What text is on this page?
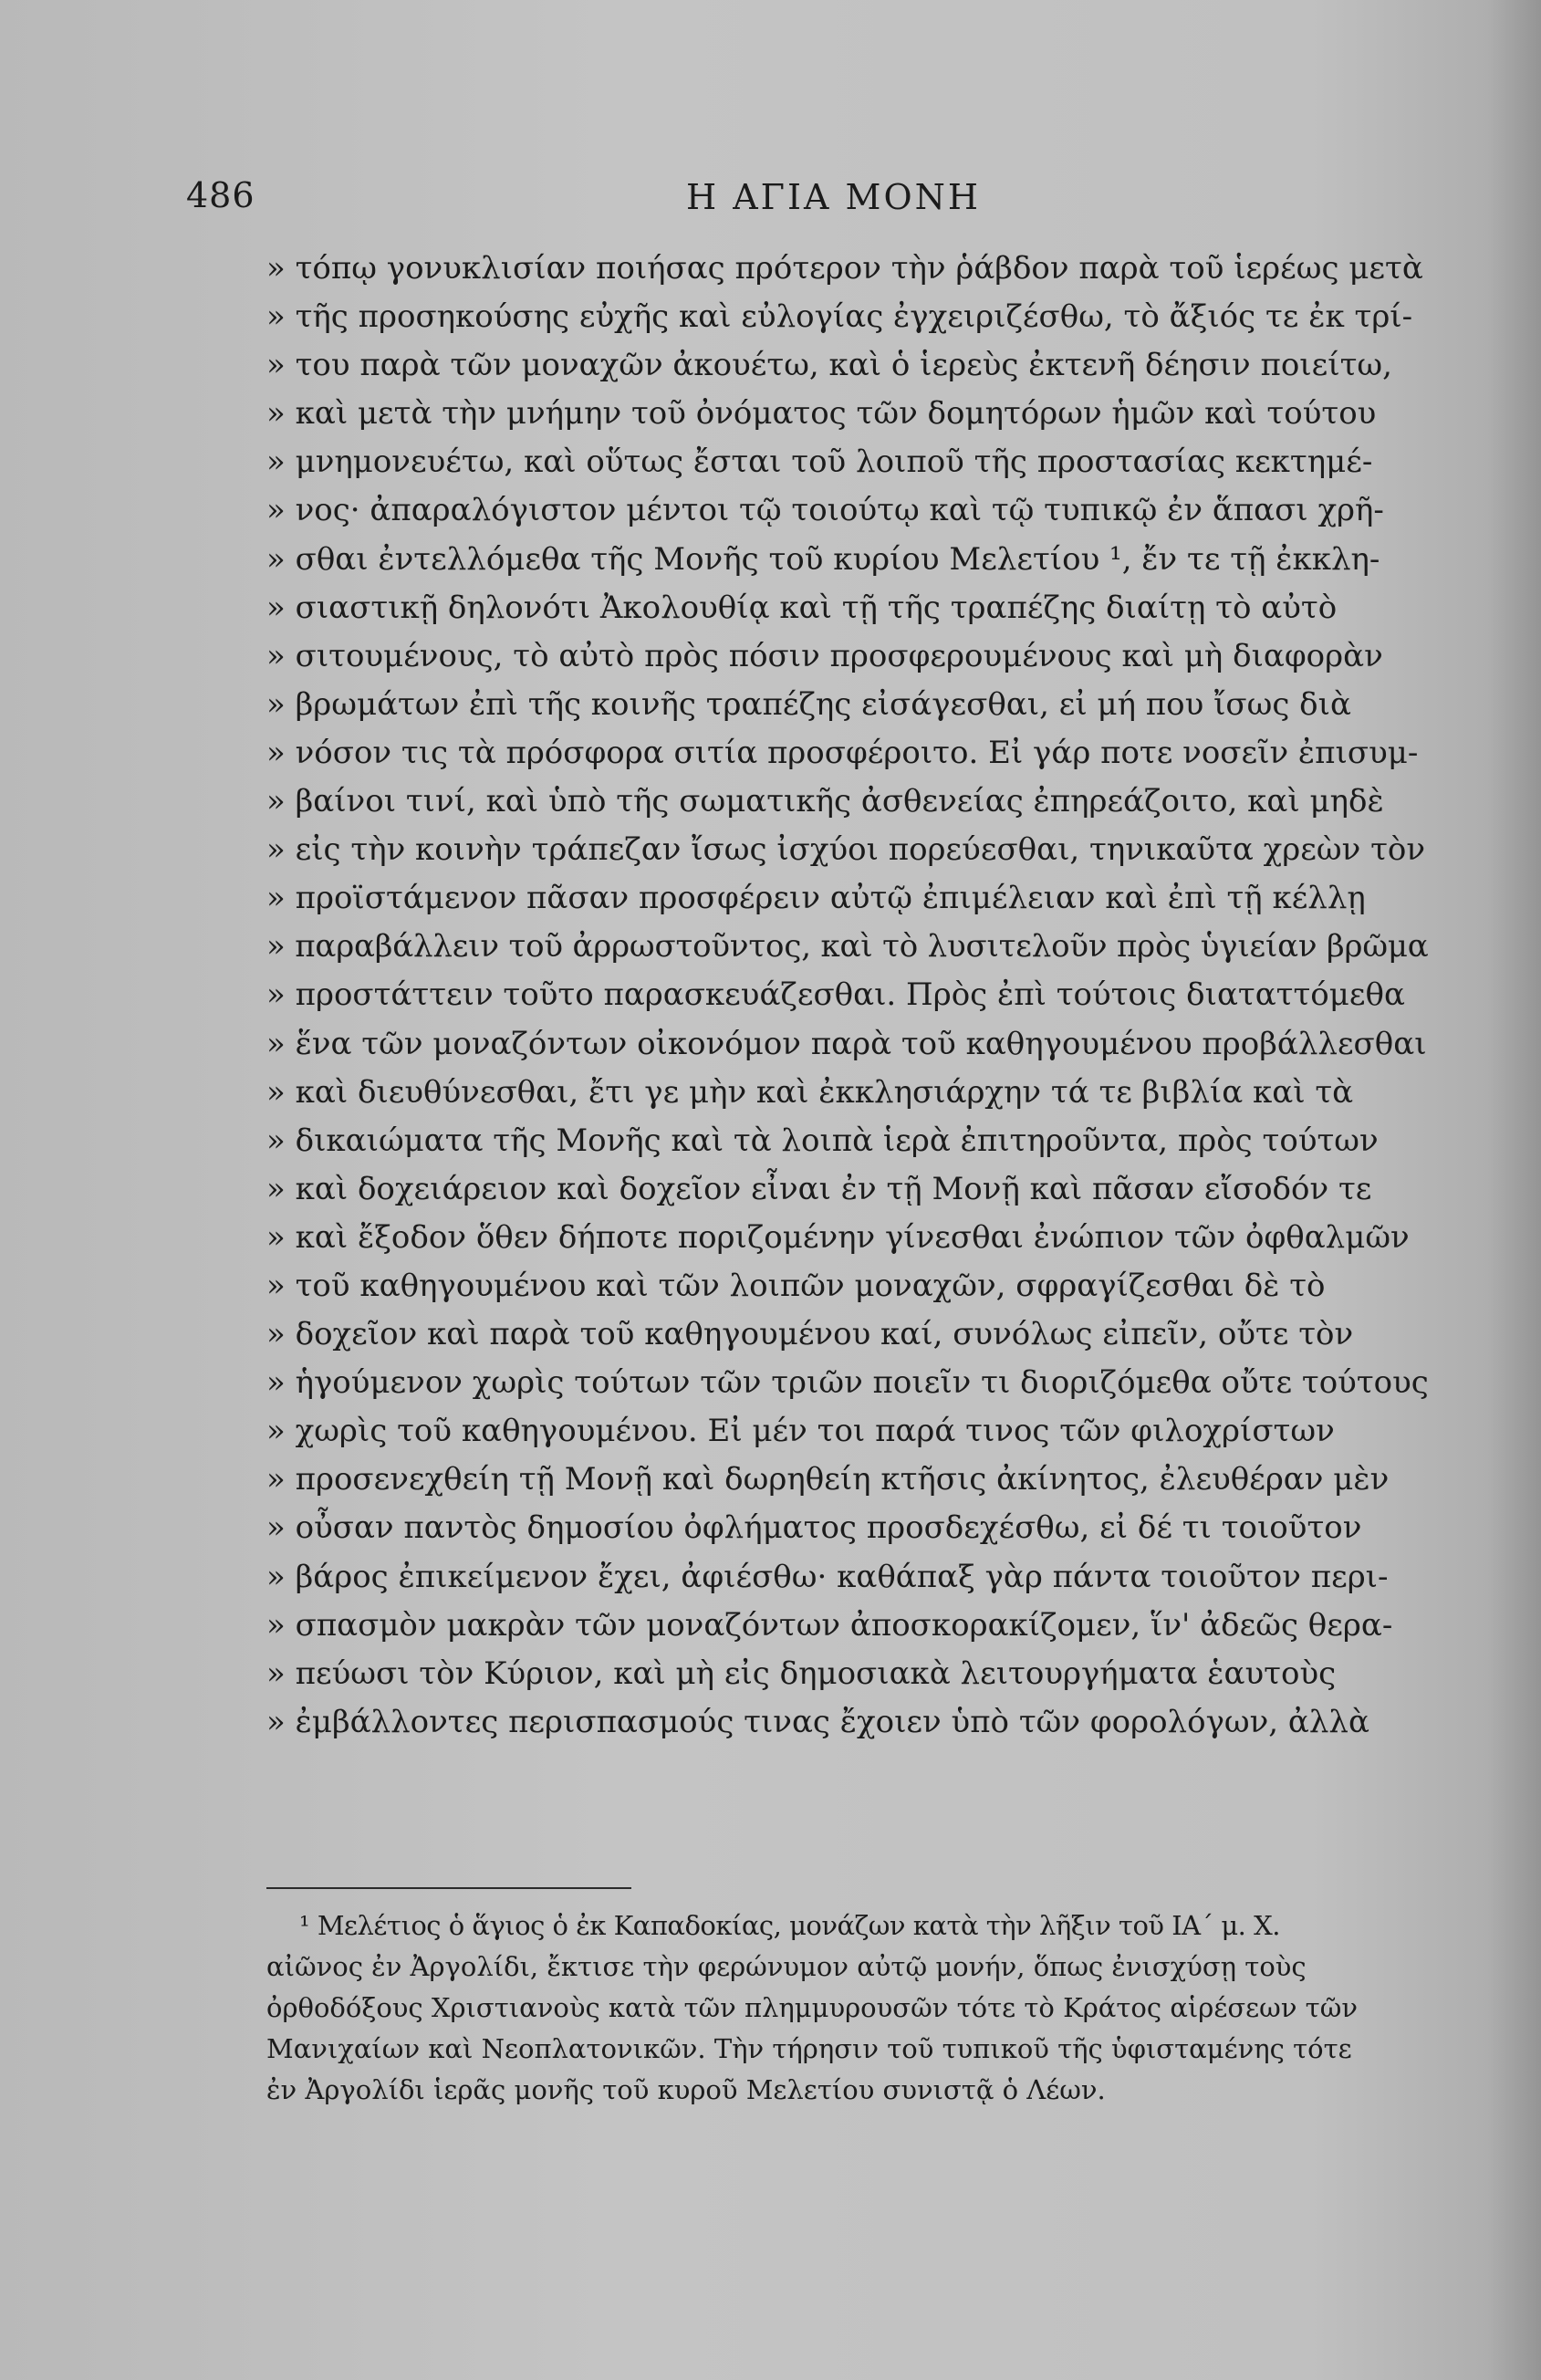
486	Η ΑΓΙΑ ΜΟΝΗ
» τόπῳ γονυκλισίαν ποιήσας πρότερον τὴν ῥάβδον παρὰ τοῦ ἱερέως μετὰ
» τῆς προσηκούσης εὐχῆς καὶ εὐλογίας ἐγχειριζέσθω, τὸ ἄξιός τε ἐκ τρί-
» του παρὰ τῶν μοναχῶν ἀκουέτω, καὶ ὁ ἱερεὺς ἐκτενῆ δέησιν ποιείτω,
» καὶ μετὰ τὴν μνήμην τοῦ ὀνόματος τῶν δομητόρων ἡμῶν καὶ τούτου
» μνημονευέτω, καὶ οὕτως ἔσται τοῦ λοιποῦ τῆς προστασίας κεκτημέ-
» νος· ἀπαραλόγιστον μέντοι τῷ τοιούτῳ καὶ τῷ τυπικῷ ἐν ἅπασι χρῆ-
» σθαι ἐντελλόμεθα τῆς Μονῆς τοῦ κυρίου Μελετίου ¹, ἔν τε τῇ ἐκκλη-
» σιαστικῇ δηλονότι Ἀκολουθίᾳ καὶ τῇ τῆς τραπέζης διαίτῃ τὸ αὐτὸ
» σιτουμένους, τὸ αὐτὸ πρὸς πόσιν προσφερουμένους καὶ μὴ διαφορὰν
» βρωμάτων ἐπὶ τῆς κοινῆς τραπέζης εἰσάγεσθαι, εἰ μή που ἴσως διὰ
» νόσον τις τὰ πρόσφορα σιτία προσφέροιτο. Εἰ γάρ ποτε νοσεῖν ἐπισυμ-
» βαίνοι τινί, καὶ ὑπὸ τῆς σωματικῆς ἀσθενείας ἐπηρεάζοιτο, καὶ μηδὲ
» εἰς τὴν κοινὴν τράπεζαν ἴσως ἰσχύοι πορεύεσθαι, τηνικαῦτα χρεὼν τὸν
» προϊστάμενον πᾶσαν προσφέρειν αὐτῷ ἐπιμέλειαν καὶ ἐπὶ τῇ κέλλῃ
» παραβάλλειν τοῦ ἀρρωστοῦντος, καὶ τὸ λυσιτελοῦν πρὸς ὑγιείαν βρῶμα
» προστάττειν τοῦτο παρασκευάζεσθαι. Πρὸς ἐπὶ τούτοις διαταττόμεθα
» ἕνα τῶν μοναζόντων οἰκονόμον παρὰ τοῦ καθηγουμένου προβάλλεσθαι
» καὶ διευθύνεσθαι, ἔτι γε μὴν καὶ ἐκκλησιάρχην τά τε βιβλία καὶ τὰ
» δικαιώματα τῆς Μονῆς καὶ τὰ λοιπὰ ἱερὰ ἐπιτηροῦντα, πρὸς τούτων
» καὶ δοχειάρειον καὶ δοχεῖον εἶναι ἐν τῇ Μονῇ καὶ πᾶσαν εἴσοδόν τε
» καὶ ἔξοδον ὅθεν δήποτε ποριζομένην γίνεσθαι ἐνώπιον τῶν ὀφθαλμῶν
» τοῦ καθηγουμένου καὶ τῶν λοιπῶν μοναχῶν, σφραγίζεσθαι δὲ τὸ
» δοχεῖον καὶ παρὰ τοῦ καθηγουμένου καί, συνόλως εἰπεῖν, οὔτε τὸν
» ἡγούμενον χωρὶς τούτων τῶν τριῶν ποιεῖν τι διοριζόμεθα οὔτε τούτους
» χωρὶς τοῦ καθηγουμένου. Εἰ μέν τοι παρά τινος τῶν φιλοχρίστων
» προσενεχθείη τῇ Μονῇ καὶ δωρηθείη κτῆσις ἀκίνητος, ἐλευθέραν μὲν
» οὖσαν παντὸς δημοσίου ὀφλήματος προσδεχέσθω, εἰ δέ τι τοιοῦτον
» βάρος ἐπικείμενον ἔχει, ἀφιέσθω· καθάπαξ γὰρ πάντα τοιοῦτον περι-
» σπασμὸν μακρὰν τῶν μοναζόντων ἀποσκορακίζομεν, ἵν' ἀδεῶς θερα-
» πεύωσι τὸν Κύριον, καὶ μὴ εἰς δημοσιακὰ λειτουργήματα ἑαυτοὺς
» ἐμβάλλοντες περισπασμούς τινας ἔχοιεν ὑπὸ τῶν φορολόγων, ἀλλὰ
¹ Μελέτιος ὁ ἅγιος ὁ ἐκ Καπαδοκίας, μονάζων κατὰ τὴν λῆξιν τοῦ ΙΑ΄ μ. Χ.
αἰῶνος ἐν Ἀργολίδι, ἔκτισε τὴν φερώνυμον αὐτῷ μονήν, ὅπως ἐνισχύσῃ τοὺς
ὀρθοδόξους Χριστιανοὺς κατὰ τῶν πλημμυρουσῶν τότε τὸ Κράτος αἱρέσεων τῶν
Μανιχαίων καὶ Νεοπλατονικῶν. Τὴν τήρησιν τοῦ τυπικοῦ τῆς ὑφισταμένης τότε
ἐν Ἀργολίδι ἱερᾶς μονῆς τοῦ κυροῦ Μελετίου συνιστᾷ ὁ Λέων.
